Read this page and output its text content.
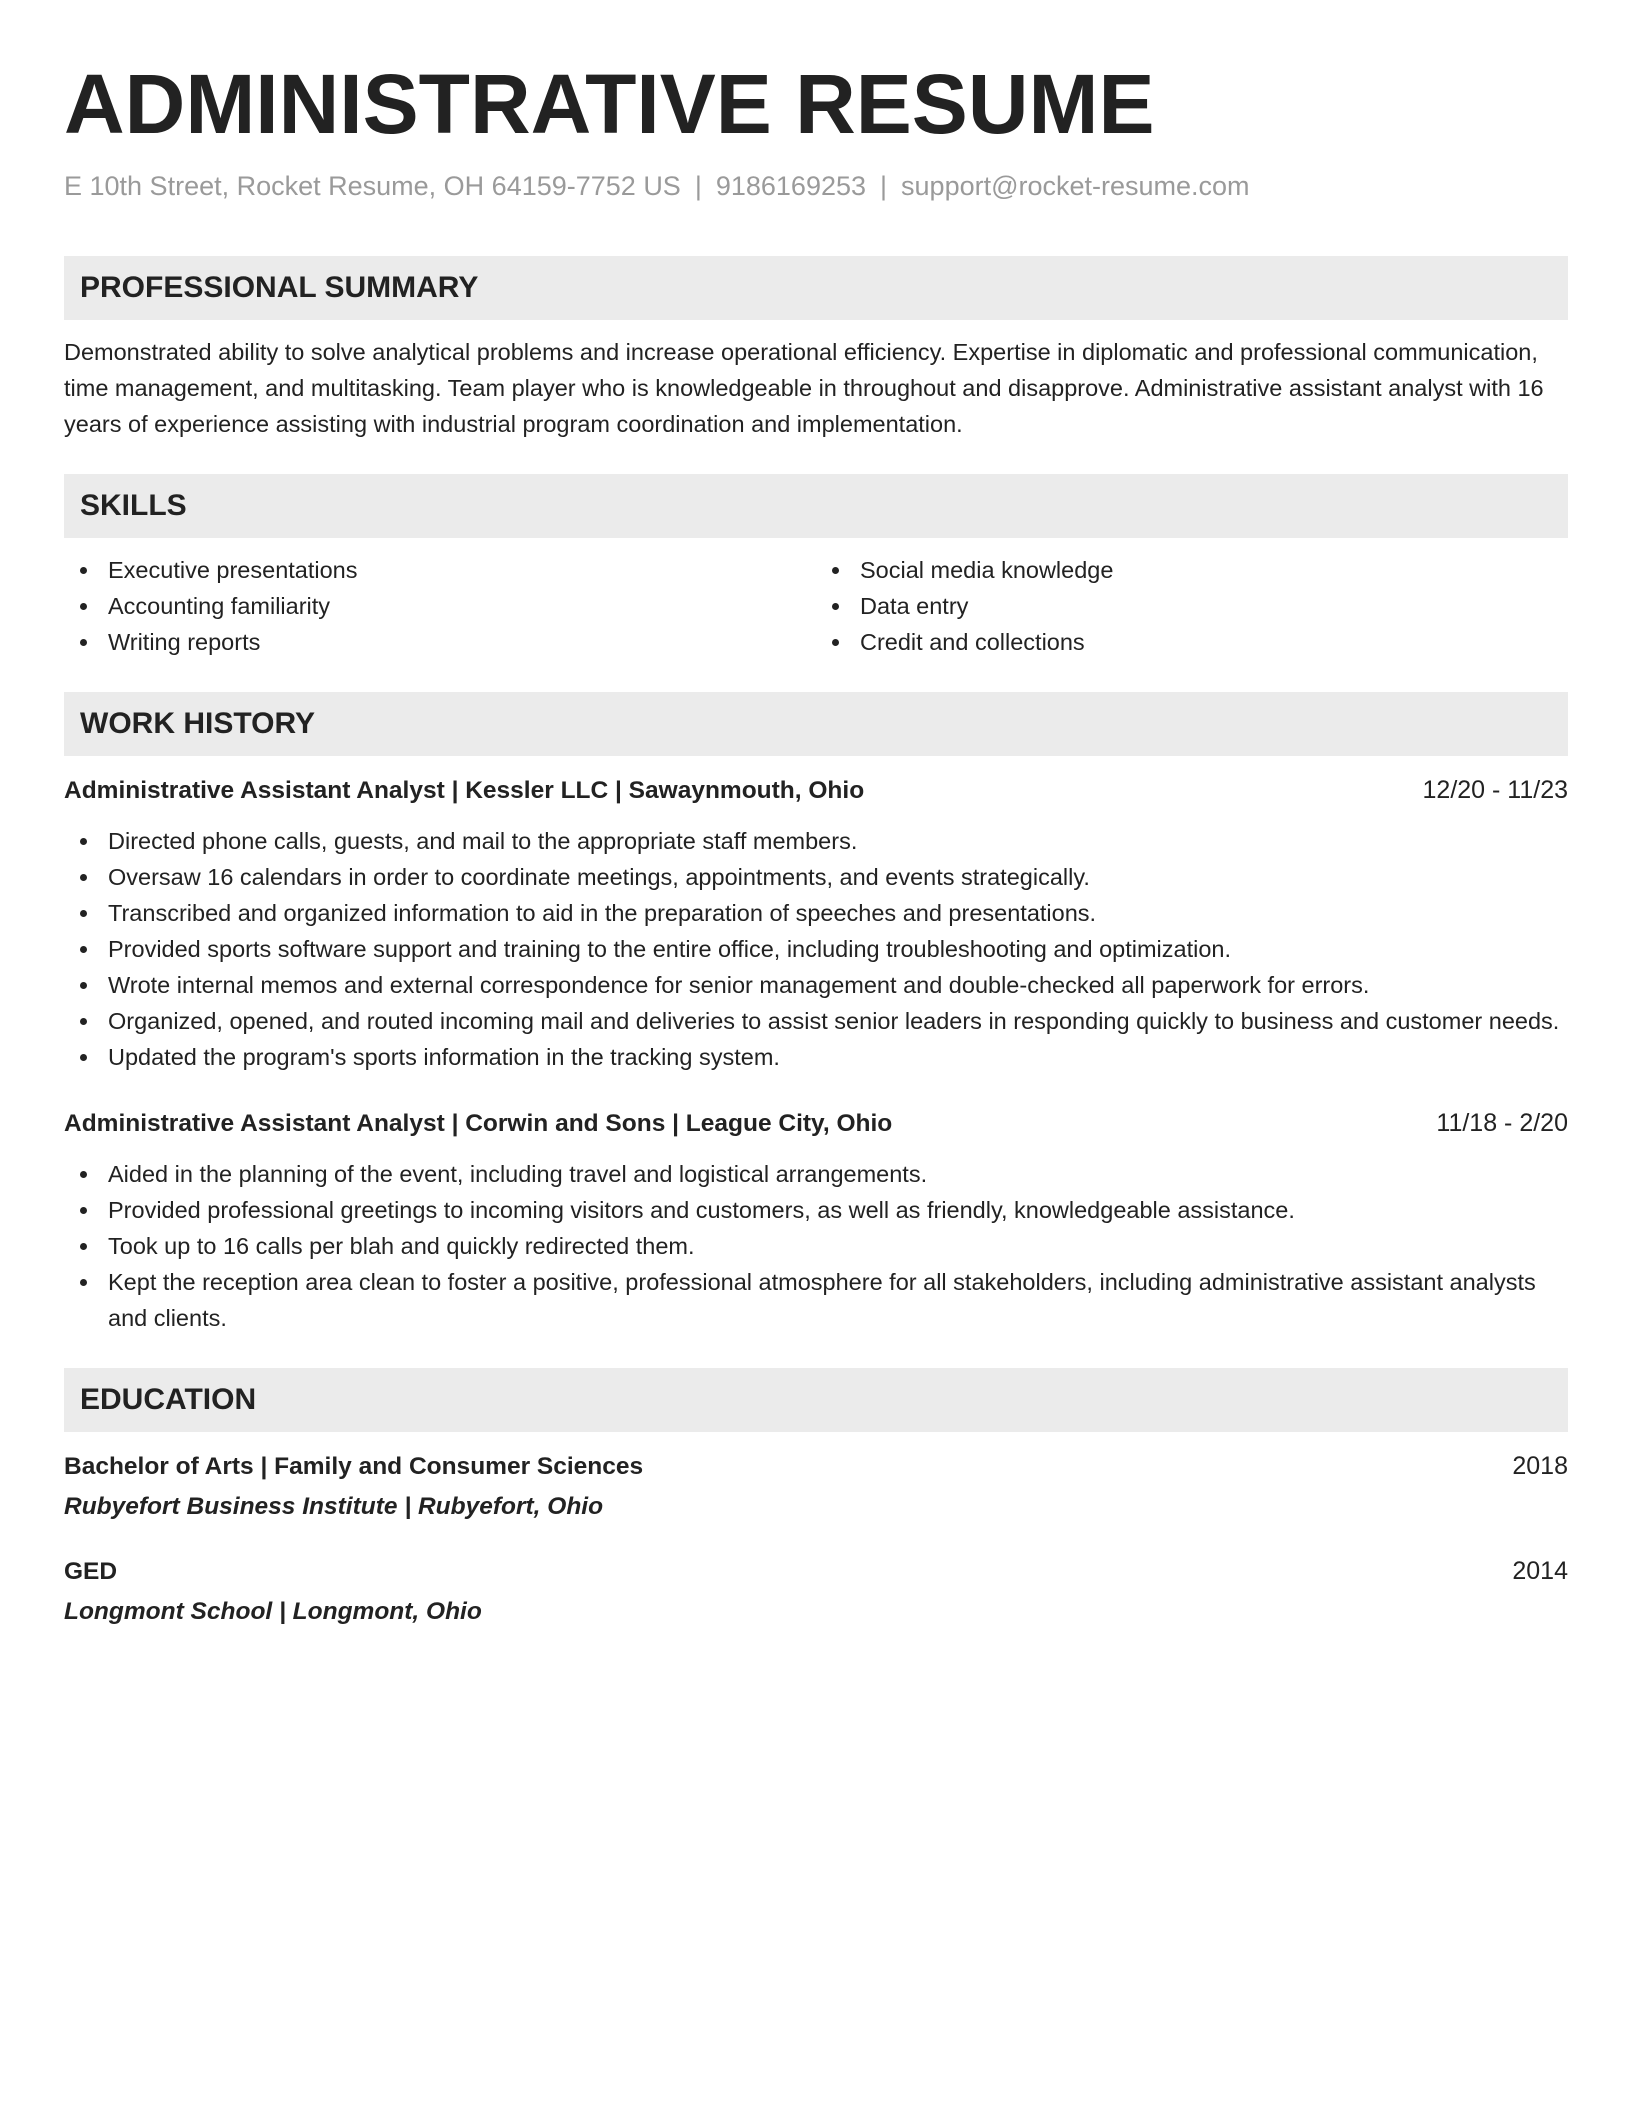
ADMINISTRATIVE RESUME
E 10th Street, Rocket Resume, OH 64159-7752 US | 9186169253 | support@rocket-resume.com
PROFESSIONAL SUMMARY

Demonstrated ability to solve analytical problems and increase operational efficiency. Expertise in diplomatic and professional communication, time management, and multitasking. Team player who is knowledgeable in throughout and disapprove. Administrative assistant analyst with 16 years of experience assisting with industrial program coordination and implementation.

SKILLS
Executive presentations
Accounting familiarity
Writing reports
Social media knowledge
Data entry
Credit and collections
WORK HISTORY
Administrative Assistant Analyst | Kessler LLC | Sawaynmouth, Ohio	12/20 - 11/23
Directed phone calls, guests, and mail to the appropriate staff members.
Oversaw 16 calendars in order to coordinate meetings, appointments, and events strategically.
Transcribed and organized information to aid in the preparation of speeches and presentations.
Provided sports software support and training to the entire office, including troubleshooting and optimization.
Wrote internal memos and external correspondence for senior management and double-checked all paperwork for errors.
Organized, opened, and routed incoming mail and deliveries to assist senior leaders in responding quickly to business and customer needs.
Updated the program's sports information in the tracking system.
Administrative Assistant Analyst | Corwin and Sons | League City, Ohio	11/18 - 2/20
Aided in the planning of the event, including travel and logistical arrangements.
Provided professional greetings to incoming visitors and customers, as well as friendly, knowledgeable assistance.
Took up to 16 calls per blah and quickly redirected them.
Kept the reception area clean to foster a positive, professional atmosphere for all stakeholders, including administrative assistant analysts and clients.
EDUCATION
Bachelor of Arts | Family and Consumer Sciences	2018
Rubyefort Business Institute | Rubyefort, Ohio
GED	2014
Longmont School | Longmont, Ohio
